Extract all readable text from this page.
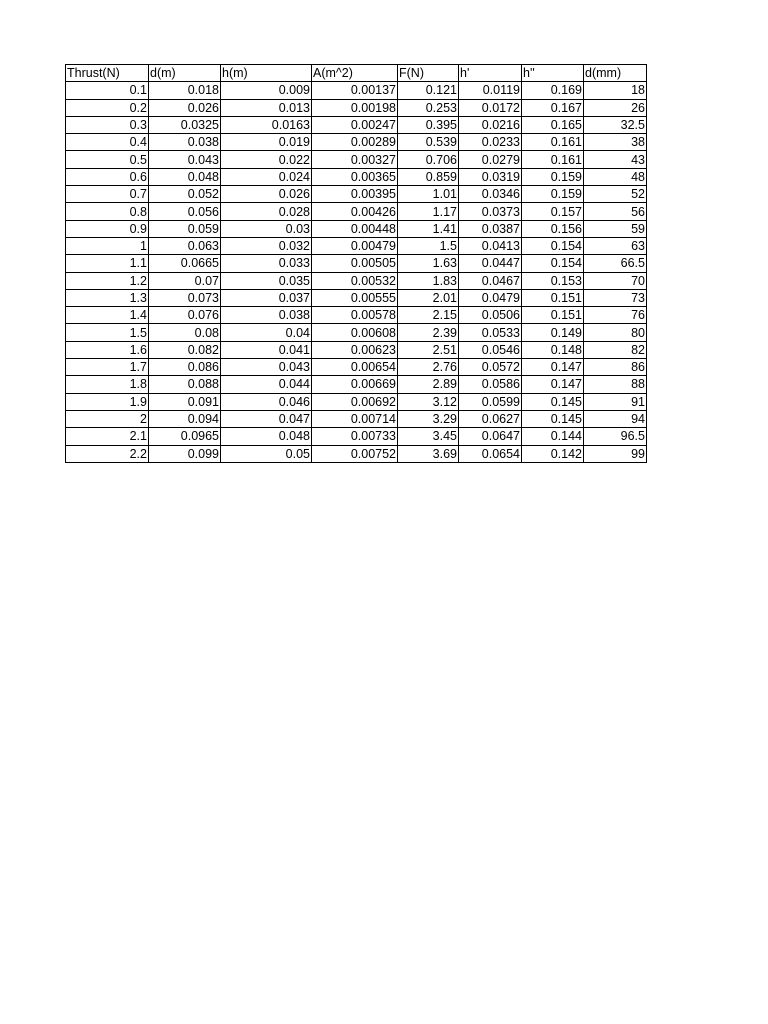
Thrust(N)	d(m)	h(m)	A(m^2)	F(N)	h'	h''	d(mm)
0.1	0.018	0.009	0.00137	0.121	0.0119	0.169	18
0.2	0.026	0.013	0.00198	0.253	0.0172	0.167	26
0.3	0.0325	0.0163	0.00247	0.395	0.0216	0.165	32.5
0.4	0.038	0.019	0.00289	0.539	0.0233	0.161	38
0.5	0.043	0.022	0.00327	0.706	0.0279	0.161	43
0.6	0.048	0.024	0.00365	0.859	0.0319	0.159	48
0.7	0.052	0.026	0.00395	1.01	0.0346	0.159	52
0.8	0.056	0.028	0.00426	1.17	0.0373	0.157	56
0.9	0.059	0.03	0.00448	1.41	0.0387	0.156	59
1	0.063	0.032	0.00479	1.5	0.0413	0.154	63
1.1	0.0665	0.033	0.00505	1.63	0.0447	0.154	66.5
1.2	0.07	0.035	0.00532	1.83	0.0467	0.153	70
1.3	0.073	0.037	0.00555	2.01	0.0479	0.151	73
1.4	0.076	0.038	0.00578	2.15	0.0506	0.151	76
1.5	0.08	0.04	0.00608	2.39	0.0533	0.149	80
1.6	0.082	0.041	0.00623	2.51	0.0546	0.148	82
1.7	0.086	0.043	0.00654	2.76	0.0572	0.147	86
1.8	0.088	0.044	0.00669	2.89	0.0586	0.147	88
1.9	0.091	0.046	0.00692	3.12	0.0599	0.145	91
2	0.094	0.047	0.00714	3.29	0.0627	0.145	94
2.1	0.0965	0.048	0.00733	3.45	0.0647	0.144	96.5
2.2	0.099	0.05	0.00752	3.69	0.0654	0.142	99
